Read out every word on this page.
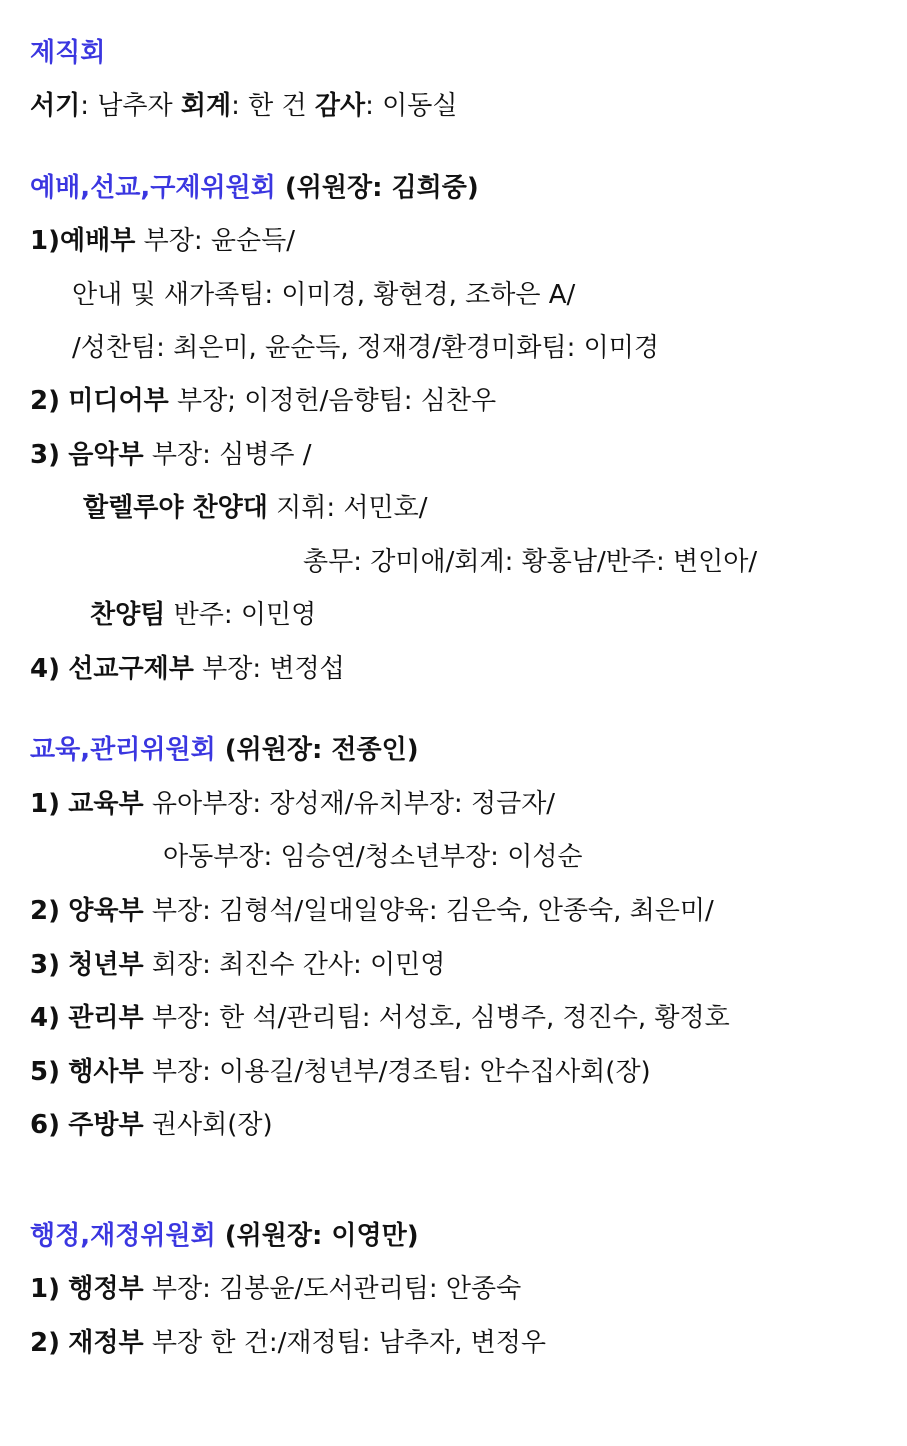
제직회
서기: 남추자 회계: 한 건 감사: 이동실
예배,선교,구제위원회 (위원장: 김희중)
1)예배부 부장: 윤순득/
안내 및 새가족팀: 이미경, 황현경, 조하은 A/
/성찬팀: 최은미, 윤순득, 정재경/환경미화팀: 이미경
2) 미디어부 부장; 이정헌/음향팀: 심찬우
3) 음악부 부장: 심병주 /
할렐루야 찬양대 지휘: 서민호/
총무: 강미애/회계: 황홍남/반주: 변인아/
찬양팀 반주: 이민영
4) 선교구제부 부장: 변정섭
교육,관리위원회 (위원장: 전종인)
1) 교육부 유아부장: 장성재/유치부장: 정금자/
아동부장: 임승연/청소년부장: 이성순
2) 양육부 부장: 김형석/일대일양육: 김은숙, 안종숙, 최은미/
3) 청년부 회장: 최진수 간사: 이민영
4) 관리부 부장: 한 석/관리팀: 서성호, 심병주, 정진수, 황정호
5) 행사부 부장: 이용길/청년부/경조팀: 안수집사회(장)
6) 주방부 권사회(장)
행정,재정위원회 (위원장: 이영만)
1) 행정부 부장: 김봉윤/도서관리팀: 안종숙
2) 재정부 부장 한 건:/재정팀: 남추자, 변정우
